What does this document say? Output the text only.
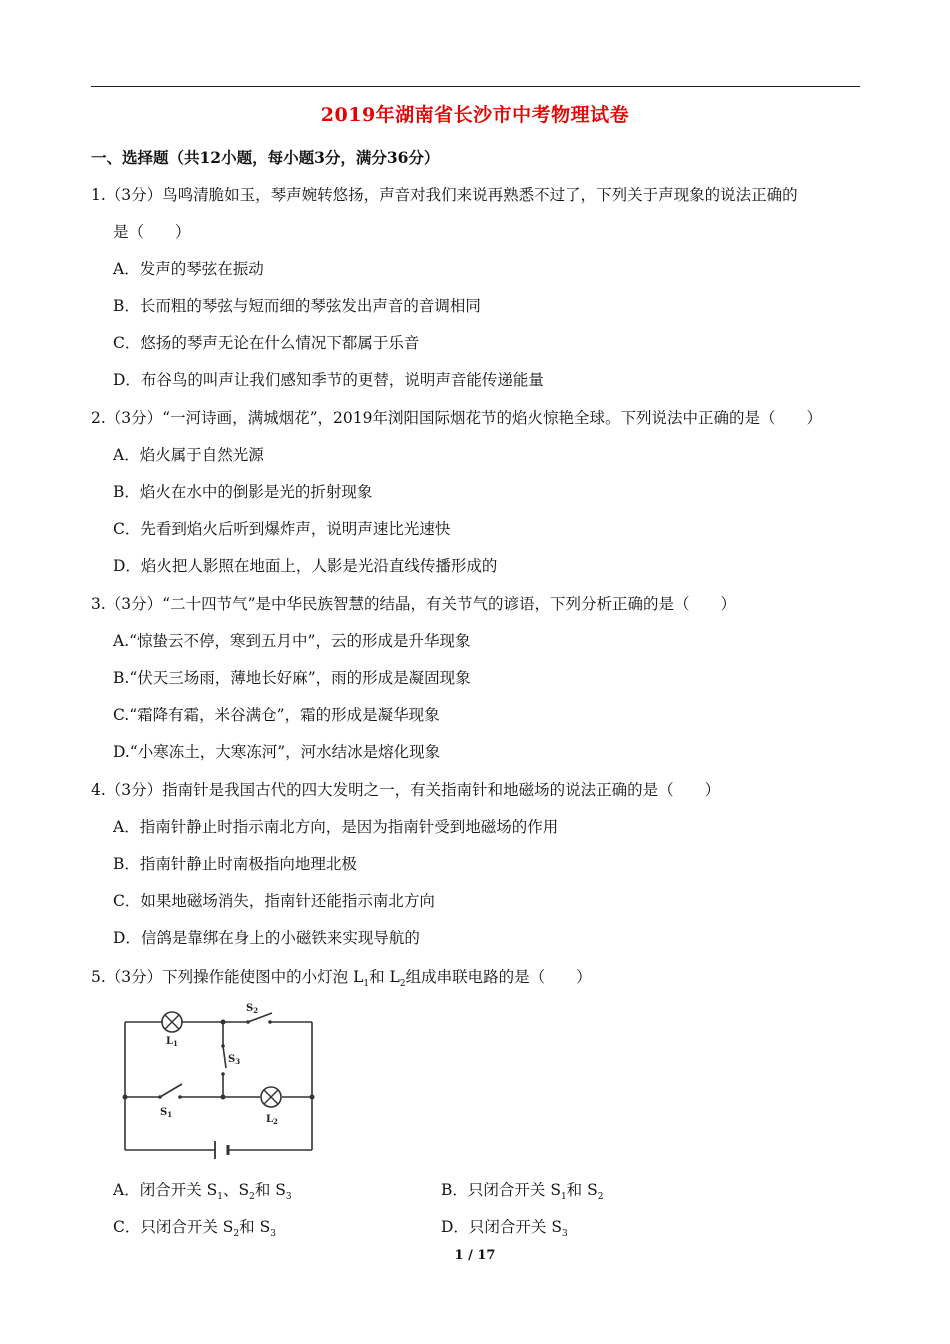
2019年湖南省长沙市中考物理试卷
一、选择题（共12小题，每小题3分，满分36分）
1.（3分）鸟鸣清脆如玉，琴声婉转悠扬，声音对我们来说再熟悉不过了，下列关于声现象的说法正确的
是（　　）
A．发声的琴弦在振动
B．长而粗的琴弦与短而细的琴弦发出声音的音调相同
C．悠扬的琴声无论在什么情况下都属于乐音
D．布谷鸟的叫声让我们感知季节的更替，说明声音能传递能量
2.（3分）“一河诗画，满城烟花”，2019年浏阳国际烟花节的焰火惊艳全球。下列说法中正确的是（　　）
A．焰火属于自然光源
B．焰火在水中的倒影是光的折射现象
C．先看到焰火后听到爆炸声，说明声速比光速快
D．焰火把人影照在地面上，人影是光沿直线传播形成的
3.（3分）“二十四节气”是中华民族智慧的结晶，有关节气的谚语，下列分析正确的是（　　）
A.“惊蛰云不停，寒到五月中”，云的形成是升华现象
B.“伏天三场雨，薄地长好麻”，雨的形成是凝固现象
C.“霜降有霜，米谷满仓”，霜的形成是凝华现象
D.“小寒冻土，大寒冻河”，河水结冰是熔化现象
4.（3分）指南针是我国古代的四大发明之一，有关指南针和地磁场的说法正确的是（　　）
A．指南针静止时指示南北方向，是因为指南针受到地磁场的作用
B．指南针静止时南极指向地理北极
C．如果地磁场消失，指南针还能指示南北方向
D．信鸽是靠绑在身上的小磁铁来实现导航的
5.（3分）下列操作能使图中的小灯泡 $L_1$和 $L_2$组成串联电路的是（　　）
$L_1$
$S_2$
$S_3$
$S_1$	$L_2$
A．闭合开关 $S_1$、$S_2$和 $S_3$	B．只闭合开关 $S_1$和 $S_2$
C．只闭合开关 $S_2$和 $S_3$	D．只闭合开关 $S_3$
1 / 17
